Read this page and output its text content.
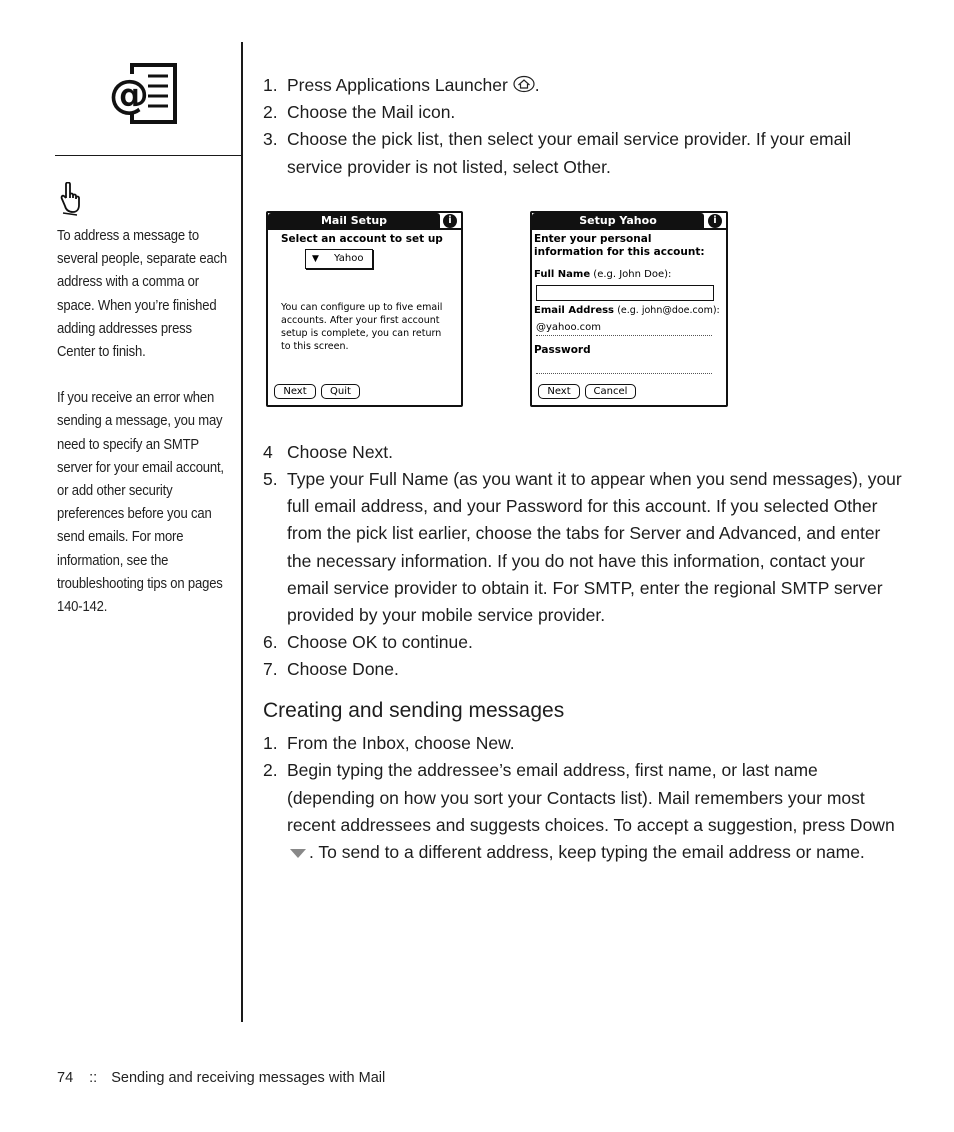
@

To address a message to several people, separate each address with a comma or space. When you’re finished adding addresses press Center to finish.

If you receive an error when sending a message, you may need to specify an SMTP server for your email account, or add other security preferences before you can send emails. For more information, see the troubleshooting tips on pages 140-142.

1. Press Applications Launcher .
2. Choose the Mail icon.
3. Choose the pick list, then select your email service provider. If your email service provider is not listed, select Other.
Mail Setup	i
Select an account to set up
▼ Yahoo
You can configure up to five email accounts. After your first account setup is complete, you can return to this screen.
Next	Quit
Setup Yahoo	i
Enter your personal information for this account:
Full Name (e.g. John Doe):
Email Address (e.g. john@doe.com):
@yahoo.com
Password
Next	Cancel
4 Choose Next.
5. Type your Full Name (as you want it to appear when you send messages), your full email address, and your Password for this account. If you selected Other from the pick list earlier, choose the tabs for Server and Advanced, and enter the necessary information. If you do not have this information, contact your email service provider to obtain it. For SMTP, enter the regional SMTP server provided by your mobile service provider.
6. Choose OK to continue.
7. Choose Done.
Creating and sending messages
1. From the Inbox, choose New.
2. Begin typing the addressee’s email address, first name, or last name (depending on how you sort your Contacts list). Mail remembers your most recent addressees and suggests choices. To accept a suggestion, press Down . To send to a different address, keep typing the email address or name.
74 :: Sending and receiving messages with Mail
